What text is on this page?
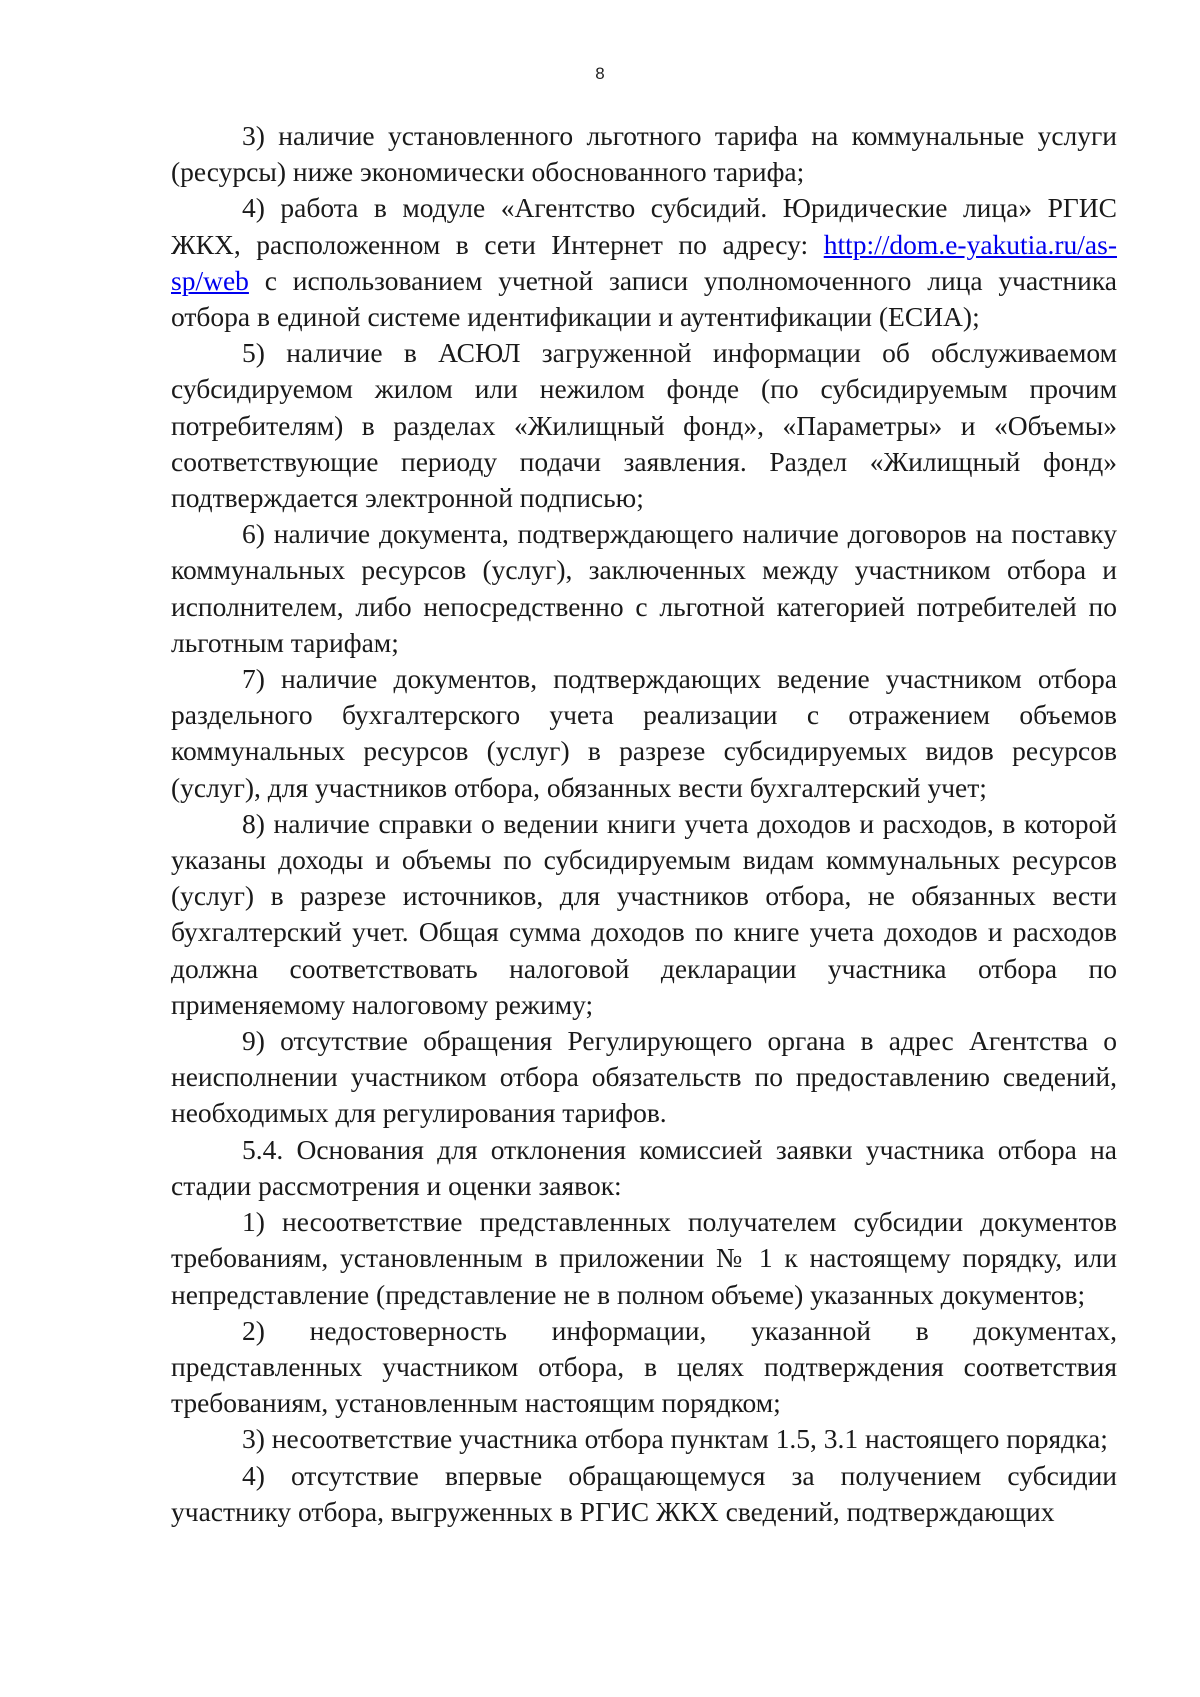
8

3) наличие установленного льготного тарифа на коммунальные услуги (ресурсы) ниже экономически обоснованного тарифа;

4) работа в модуле «Агентство субсидий. Юридические лица» РГИС ЖКХ, расположенном в сети Интернет по адресу: http://dom.e-yakutia.ru/as-sp/web с использованием учетной записи уполномоченного лица участника отбора в единой системе идентификации и аутентификации (ЕСИА);

5) наличие в АСЮЛ загруженной информации об обслуживаемом субсидируемом жилом или нежилом фонде (по субсидируемым прочим потребителям) в разделах «Жилищный фонд», «Параметры» и «Объемы» соответствующие периоду подачи заявления. Раздел «Жилищный фонд» подтверждается электронной подписью;

6) наличие документа, подтверждающего наличие договоров на поставку коммунальных ресурсов (услуг), заключенных между участником отбора и исполнителем, либо непосредственно с льготной категорией потребителей по льготным тарифам;

7) наличие документов, подтверждающих ведение участником отбора раздельного бухгалтерского учета реализации с отражением объемов коммунальных ресурсов (услуг) в разрезе субсидируемых видов ресурсов (услуг), для участников отбора, обязанных вести бухгалтерский учет;

8) наличие справки о ведении книги учета доходов и расходов, в которой указаны доходы и объемы по субсидируемым видам коммунальных ресурсов (услуг) в разрезе источников, для участников отбора, не обязанных вести бухгалтерский учет. Общая сумма доходов по книге учета доходов и расходов должна соответствовать налоговой декларации участника отбора по применяемому налоговому режиму;

9) отсутствие обращения Регулирующего органа в адрес Агентства о неисполнении участником отбора обязательств по предоставлению сведений, необходимых для регулирования тарифов.

5.4. Основания для отклонения комиссией заявки участника отбора на стадии рассмотрения и оценки заявок:

1) несоответствие представленных получателем субсидии документов требованиям, установленным в приложении № 1 к настоящему порядку, или непредставление (представление не в полном объеме) указанных документов;

2) недостоверность информации, указанной в документах, представленных участником отбора, в целях подтверждения соответствия требованиям, установленным настоящим порядком;

3) несоответствие участника отбора пунктам 1.5, 3.1 настоящего порядка;

4) отсутствие впервые обращающемуся за получением субсидии участнику отбора, выгруженных в РГИС ЖКХ сведений, подтверждающих
